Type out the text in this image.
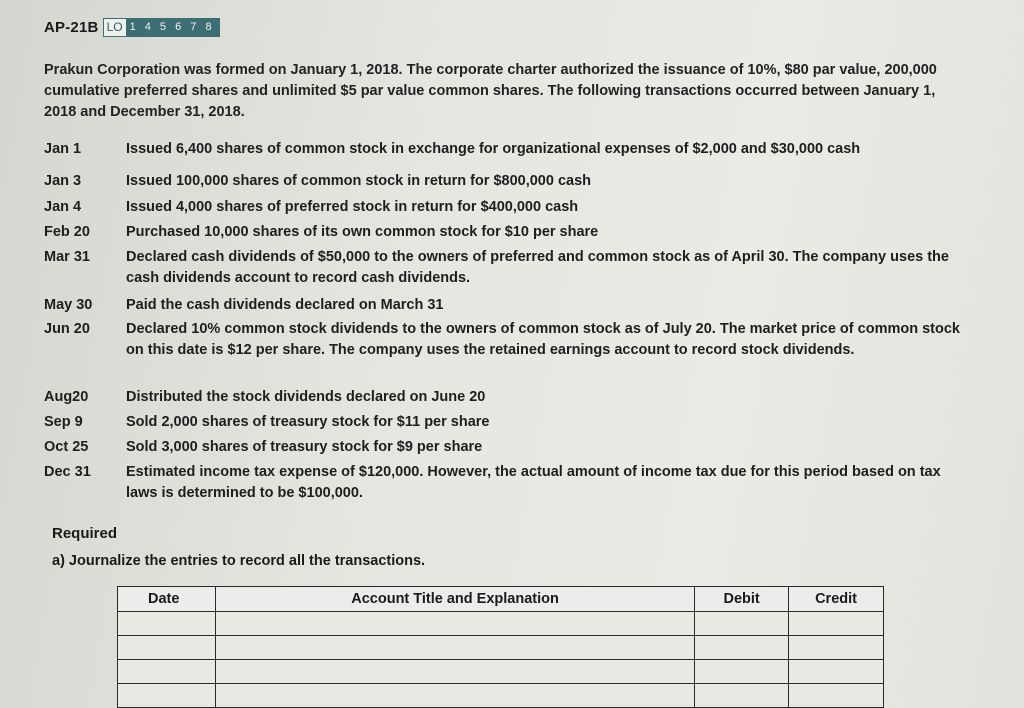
AP-21B LO 1 4 5 6 7 8
Prakun Corporation was formed on January 1, 2018. The corporate charter authorized the issuance of 10%, $80 par value, 200,000 cumulative preferred shares and unlimited $5 par value common shares. The following transactions occurred between January 1, 2018 and December 31, 2018.
Jan 1	Issued 6,400 shares of common stock in exchange for organizational expenses of $2,000 and $30,000 cash
Jan 3	Issued 100,000 shares of common stock in return for $800,000 cash
Jan 4	Issued 4,000 shares of preferred stock in return for $400,000 cash
Feb 20	Purchased 10,000 shares of its own common stock for $10 per share
Mar 31	Declared cash dividends of $50,000 to the owners of preferred and common stock as of April 30. The company uses the cash dividends account to record cash dividends.
May 30	Paid the cash dividends declared on March 31
Jun 20	Declared 10% common stock dividends to the owners of common stock as of July 20. The market price of common stock on this date is $12 per share. The company uses the retained earnings account to record stock dividends.
Aug20	Distributed the stock dividends declared on June 20
Sep 9	Sold 2,000 shares of treasury stock for $11 per share
Oct 25	Sold 3,000 shares of treasury stock for $9 per share
Dec 31	Estimated income tax expense of $120,000. However, the actual amount of income tax due for this period based on tax laws is determined to be $100,000.
Required
a) Journalize the entries to record all the transactions.
Date	Account Title and Explanation	Debit	Credit
